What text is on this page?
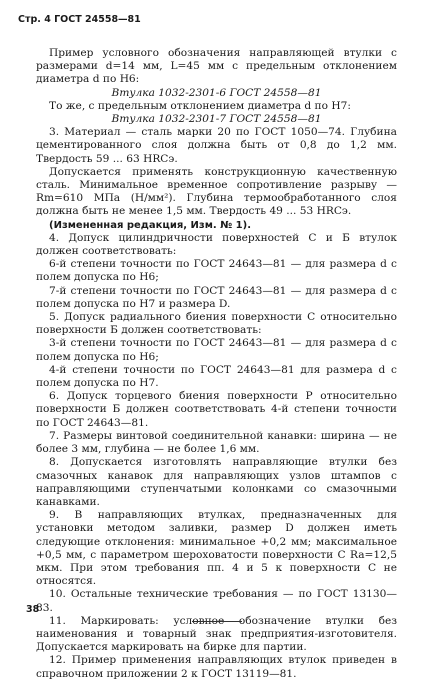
Стр. 4 ГОСТ 24558—81

Пример условного обозначения направляющей втулки с размерами d=14 мм, L=45 мм с предельным отклонением диаметра d по Н6:

Втулка 1032-2301-6 ГОСТ 24558—81

То же, с предельным отклонением диаметра d по Н7:

Втулка 1032-2301-7 ГОСТ 24558—81

3. Материал — сталь марки 20 по ГОСТ 1050—74. Глубина цементированного слоя должна быть от 0,8 до 1,2 мм. Твердость 59 ... 63 HRCэ.

Допускается применять конструкционную качественную сталь. Минимальное временное сопротивление разрыву — Rm=610 МПа (Н/мм²). Глубина термообработанного слоя должна быть не менее 1,5 мм. Твердость 49 ... 53 HRCэ.

(Измененная редакция, Изм. № 1).

4. Допуск цилиндричности поверхностей С и Б втулок должен соответствовать:

6-й степени точности по ГОСТ 24643—81 — для размера d с полем допуска по Н6;

7-й степени точности по ГОСТ 24643—81 — для размера d с полем допуска по Н7 и размера D.

5. Допуск радиального биения поверхности С относительно поверхности Б должен соответствовать:

3-й степени точности по ГОСТ 24643—81 — для размера d с полем допуска по Н6;

4-й степени точности по ГОСТ 24643—81 для размера d с полем допуска по Н7.

6. Допуск торцевого биения поверхности Р относительно поверхности Б должен соответствовать 4-й степени точности по ГОСТ 24643—81.

7. Размеры винтовой соединительной канавки: ширина — не более 3 мм, глубина — не более 1,6 мм.

8. Допускается изготовлять направляющие втулки без смазочных канавок для направляющих узлов штампов с направляющими ступенчатыми колонками со смазочными канавками.

9. В направляющих втулках, предназначенных для установки методом заливки, размер D должен иметь следующие отклонения: минимальное +0,2 мм; максимальное +0,5 мм, с параметром шероховатости поверхности С Ra=12,5 мкм. При этом требования пп. 4 и 5 к поверхности С не относятся.

10. Остальные технические требования — по ГОСТ 13130—83.

11. Маркировать: условное обозначение втулки без наименования и товарный знак предприятия-изготовителя. Допускается маркировать на бирке для партии.

12. Пример применения направляющих втулок приведен в справочном приложении 2 к ГОСТ 13119—81.

38
